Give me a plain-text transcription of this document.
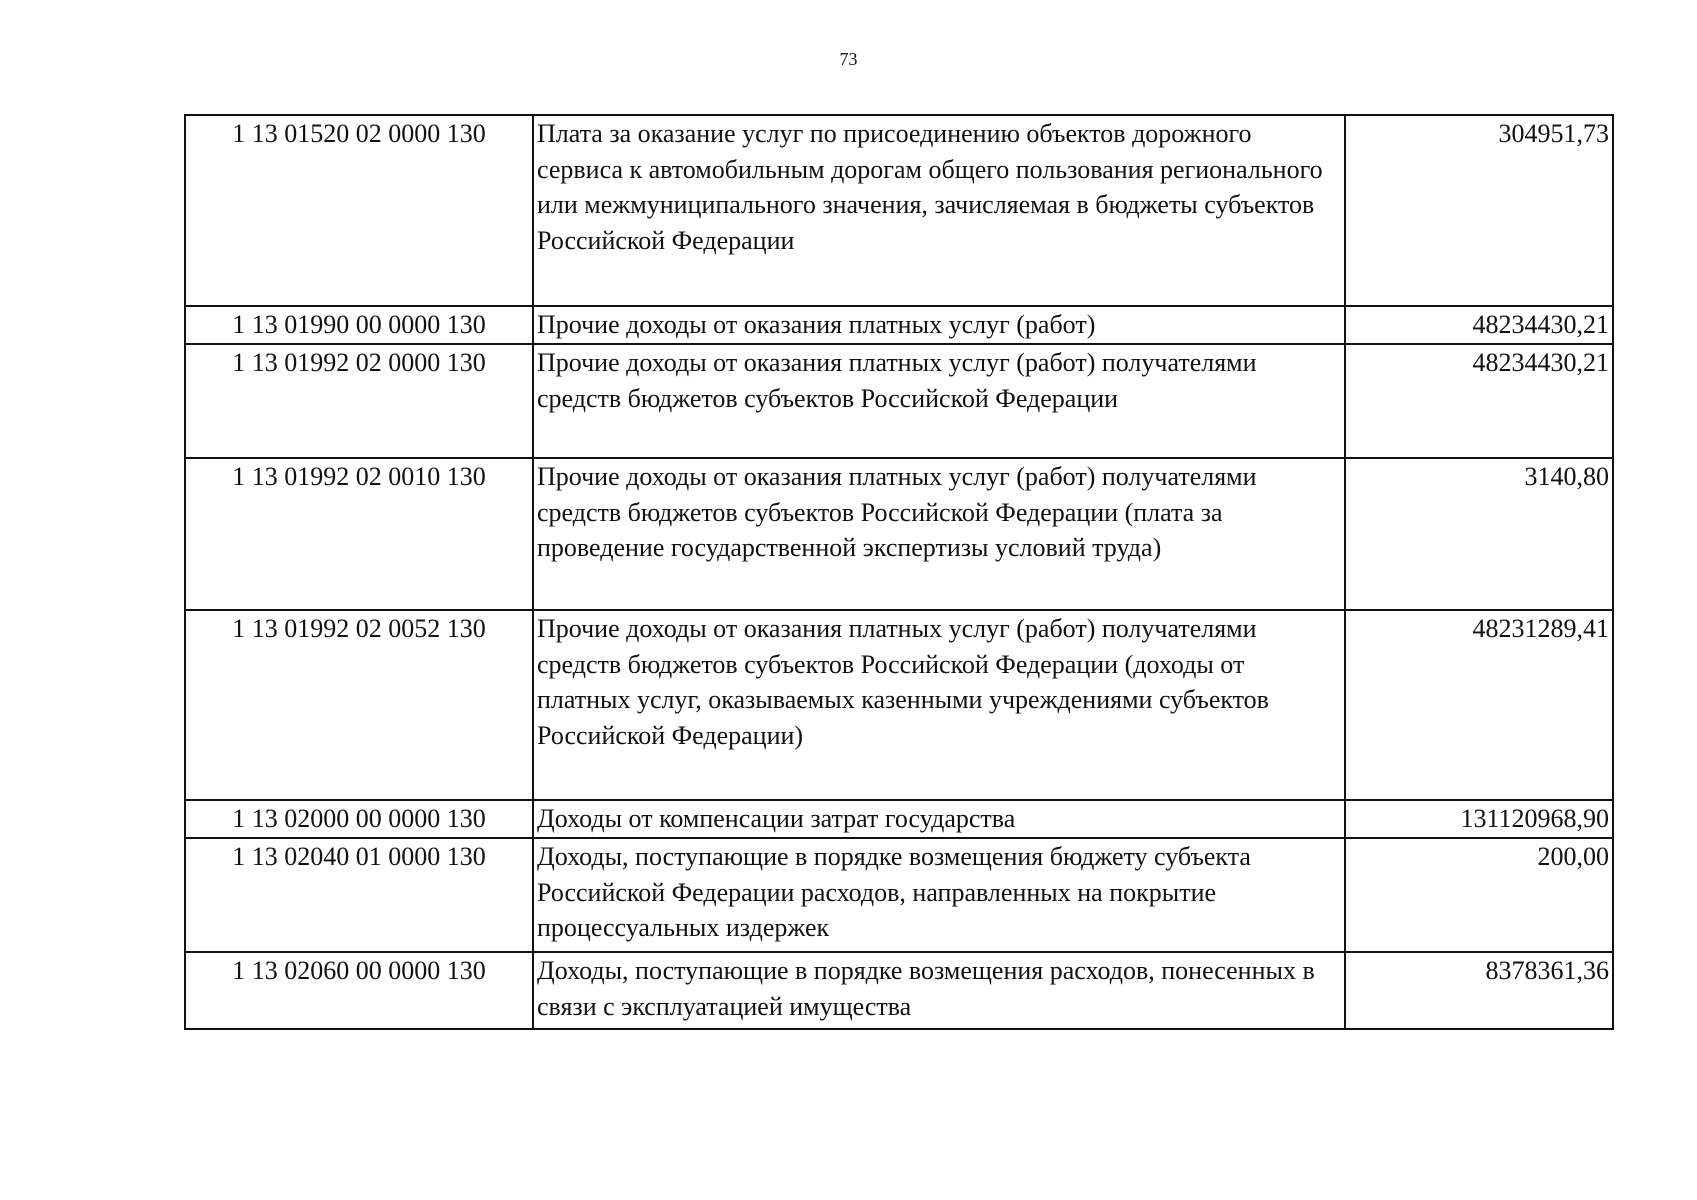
73
1 13 01520 02 0000 130	Плата за оказание услуг по присоединению объектов дорожного сервиса к автомобильным дорогам общего пользования регионального или межмуниципального значения, зачисляемая в бюджеты субъектов Российской Федерации	304951,73
1 13 01990 00 0000 130	Прочие доходы от оказания платных услуг (работ)	48234430,21
1 13 01992 02 0000 130	Прочие доходы от оказания платных услуг (работ) получателями средств бюджетов субъектов Российской Федерации	48234430,21
1 13 01992 02 0010 130	Прочие доходы от оказания платных услуг (работ) получателями средств бюджетов субъектов Российской Федерации (плата за проведение государственной экспертизы условий труда)	3140,80
1 13 01992 02 0052 130	Прочие доходы от оказания платных услуг (работ) получателями средств бюджетов субъектов Российской Федерации (доходы от платных услуг, оказываемых казенными учреждениями субъектов Российской Федерации)	48231289,41
1 13 02000 00 0000 130	Доходы от компенсации затрат государства	131120968,90
1 13 02040 01 0000 130	Доходы, поступающие в порядке возмещения бюджету субъекта Российской Федерации расходов, направленных на покрытие процессуальных издержек	200,00
1 13 02060 00 0000 130	Доходы, поступающие в порядке возмещения расходов, понесенных в связи с эксплуатацией имущества	8378361,36
